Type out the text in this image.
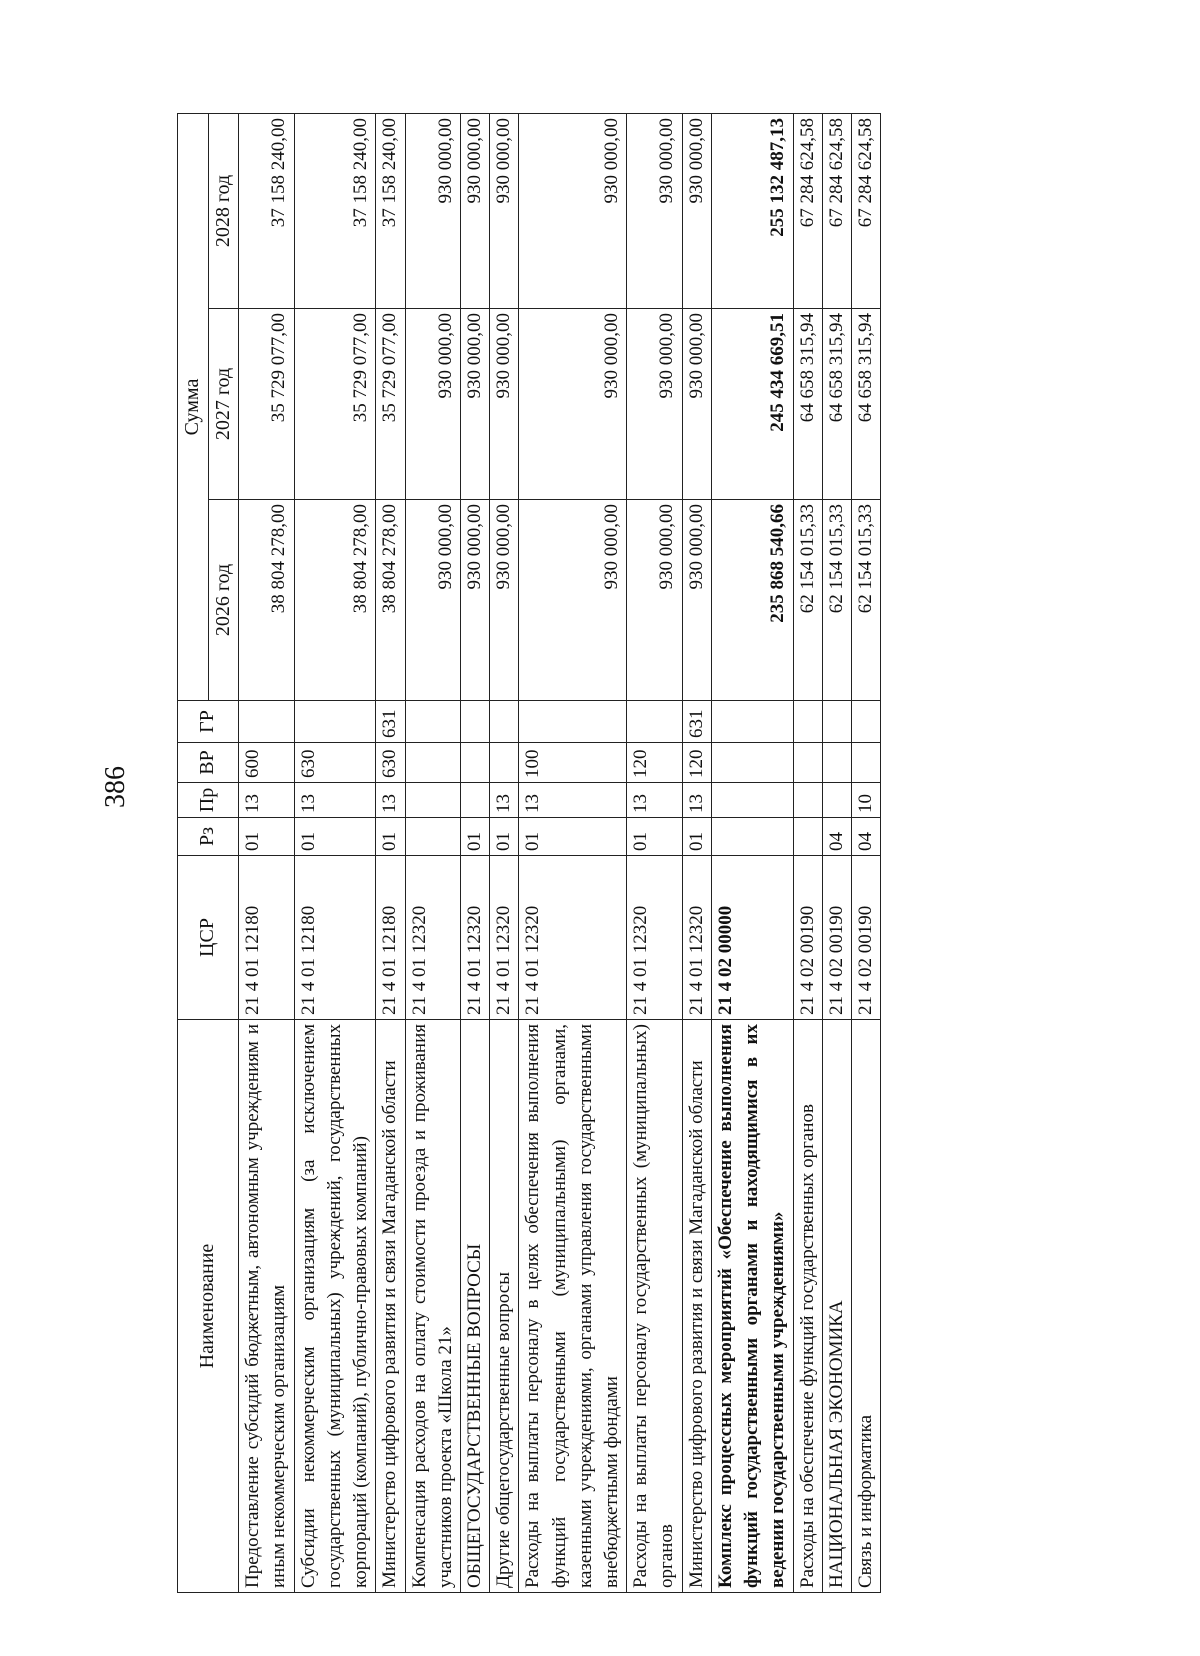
386
Наименование	ЦСР	Рз	Пр	ВР	ГР	Сумма		
						2026 год	2027 год	2028 год
Предоставление субсидий бюджетным, автономным учреждениям и иным некоммерческим организациям	21 4 01 12180	01	13	600		38 804 278,00	35 729 077,00	37 158 240,00
Субсидии некоммерческим организациям (за исключением государственных (муниципальных) учреждений, государственных корпораций (компаний), публично-правовых компаний)	21 4 01 12180	01	13	630		38 804 278,00	35 729 077,00	37 158 240,00
Министерство цифрового развития и связи Магаданской области	21 4 01 12180	01	13	630	631	38 804 278,00	35 729 077,00	37 158 240,00
Компенсация расходов на оплату стоимости проезда и проживания участников проекта «Школа 21»	21 4 01 12320					930 000,00	930 000,00	930 000,00
ОБЩЕГОСУДАРСТВЕННЫЕ ВОПРОСЫ	21 4 01 12320	01				930 000,00	930 000,00	930 000,00
Другие общегосударственные вопросы	21 4 01 12320	01	13			930 000,00	930 000,00	930 000,00
Расходы на выплаты персоналу в целях обеспечения выполнения функций государственными (муниципальными) органами, казенными учреждениями, органами управления государственными внебюджетными фондами	21 4 01 12320	01	13	100		930 000,00	930 000,00	930 000,00
Расходы на выплаты персоналу государственных (муниципальных) органов	21 4 01 12320	01	13	120		930 000,00	930 000,00	930 000,00
Министерство цифрового развития и связи Магаданской области	21 4 01 12320	01	13	120	631	930 000,00	930 000,00	930 000,00
Комплекс процессных мероприятий «Обеспечение выполнения функций государственными органами и находящимися в их ведении государственными учреждениями»	21 4 02 00000					235 868 540,66	245 434 669,51	255 132 487,13
Расходы на обеспечение функций государственных органов	21 4 02 00190					62 154 015,33	64 658 315,94	67 284 624,58
НАЦИОНАЛЬНАЯ ЭКОНОМИКА	21 4 02 00190	04				62 154 015,33	64 658 315,94	67 284 624,58
Связь и информатика	21 4 02 00190	04	10			62 154 015,33	64 658 315,94	67 284 624,58
